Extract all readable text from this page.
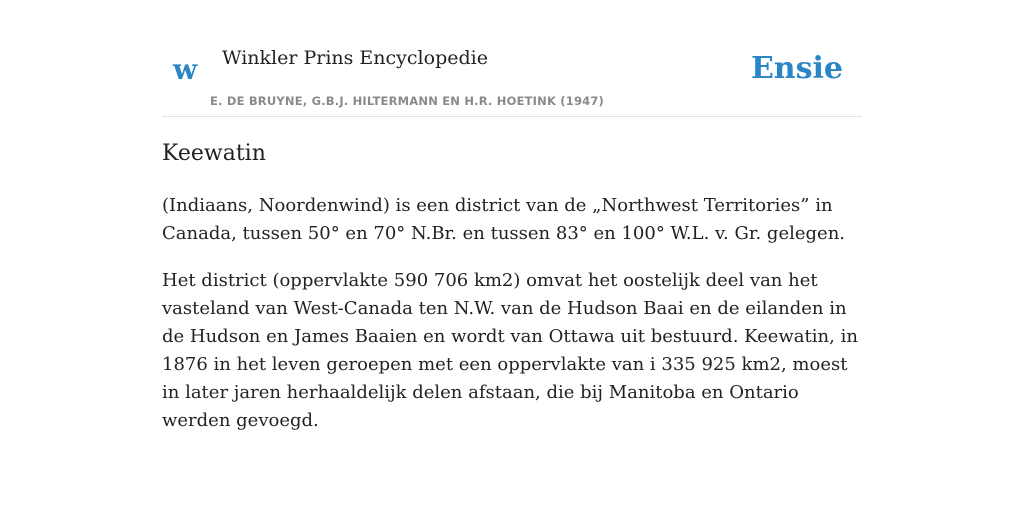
w Winkler Prins Encyclopedie
E. DE BRUYNE, G.B.J. HILTERMANN EN H.R. HOETINK (1947)
Ensie
Keewatin

(Indiaans, Noordenwind) is een district van de „Northwest Territories” in Canada, tussen 50° en 70° N.Br. en tussen 83° en 100° W.L. v. Gr. gelegen.

Het district (oppervlakte 590 706 km2) omvat het oostelijk deel van het vasteland van West-Canada ten N.W. van de Hudson Baai en de eilanden in de Hudson en James Baaien en wordt van Ottawa uit bestuurd. Keewatin, in 1876 in het leven geroepen met een oppervlakte van i 335 925 km2, moest in later jaren herhaaldelijk delen afstaan, die bij Manitoba en Ontario werden gevoegd.
